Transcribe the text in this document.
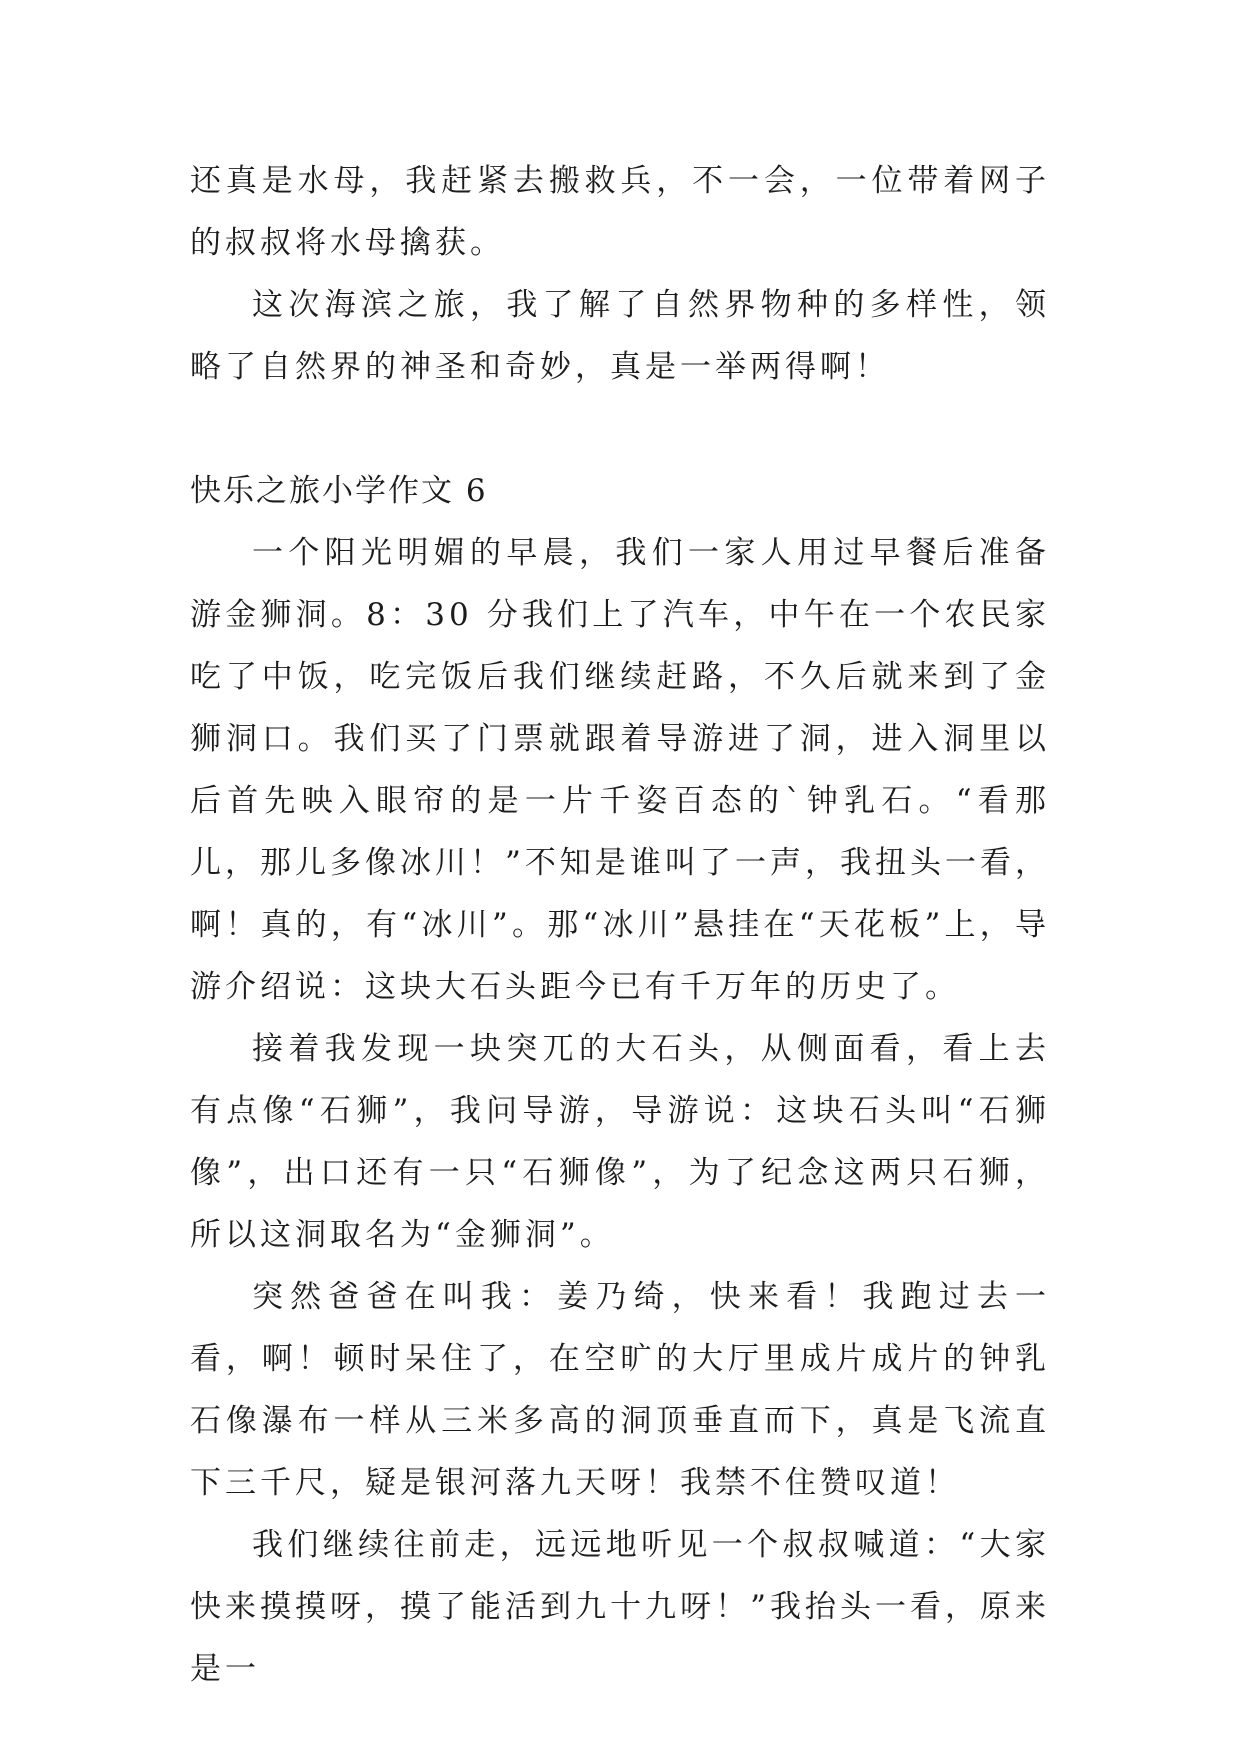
还真是水母，我赶紧去搬救兵，不一会，一位带着网子的叔叔将水母擒获。

这次海滨之旅，我了解了自然界物种的多样性，领略了自然界的神圣和奇妙，真是一举两得啊！

快乐之旅小学作文 6

一个阳光明媚的早晨，我们一家人用过早餐后准备游金狮洞。8：30 分我们上了汽车，中午在一个农民家吃了中饭，吃完饭后我们继续赶路，不久后就来到了金狮洞口。我们买了门票就跟着导游进了洞，进入洞里以后首先映入眼帘的是一片千姿百态的`钟乳石。“看那儿，那儿多像冰川！”不知是谁叫了一声，我扭头一看，啊！真的，有“冰川”。那“冰川”悬挂在“天花板”上，导游介绍说：这块大石头距今已有千万年的历史了。

接着我发现一块突兀的大石头，从侧面看，看上去有点像“石狮”，我问导游，导游说：这块石头叫“石狮像”，出口还有一只“石狮像”，为了纪念这两只石狮，所以这洞取名为“金狮洞”。

突然爸爸在叫我：姜乃绮，快来看！我跑过去一看，啊！顿时呆住了，在空旷的大厅里成片成片的钟乳石像瀑布一样从三米多高的洞顶垂直而下，真是飞流直下三千尺，疑是银河落九天呀！我禁不住赞叹道！

我们继续往前走，远远地听见一个叔叔喊道：“大家快来摸摸呀，摸了能活到九十九呀！”我抬头一看，原来是一
